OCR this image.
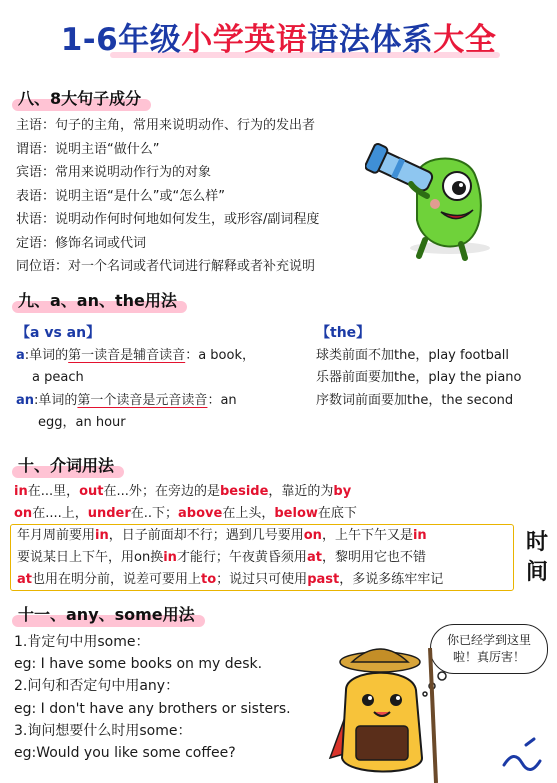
1-6年级小学英语语法体系大全
八、8大句子成分
主语：句子的主角，常用来说明动作、行为的发出者
谓语：说明主语“做什么”
宾语：常用来说明动作行为的对象
表语：说明主语“是什么”或“怎么样”
状语：说明动作何时何地如何发生，或形容/副词程度
定语：修饰名词或代词
同位语：对一个名词或者代词进行解释或者补充说明
九、a、an、the用法
【a vs an】
a:单词的第一读音是辅音读音：a book，
a peach
an:单词的第一个读音是元音读音：an
egg，an hour
【the】
球类前面不加the，play football
乐器前面要加the，play the piano
序数词前面要加the，the second
十、介词用法
in在...里，out在...外；在旁边的是beside，靠近的为by
on在....上，under在..下；above在上头，below在底下
年月周前要用in，日子前面却不行；遇到几号要用on，上午下午又是in
要说某日上下午，用on换in才能行；午夜黄昏须用at，黎明用它也不错
at也用在明分前，说差可要用上to；说过只可使用past，多说多练牢牢记
时间
十一、any、some用法
1.肯定句中用some：
eg: I have some books on my desk.
2.问句和否定句中用any：
eg: I don't have any brothers or sisters.
3.询问想要什么时用some：
eg:Would you like some coffee?
你已经学到这里
啦！真厉害！
